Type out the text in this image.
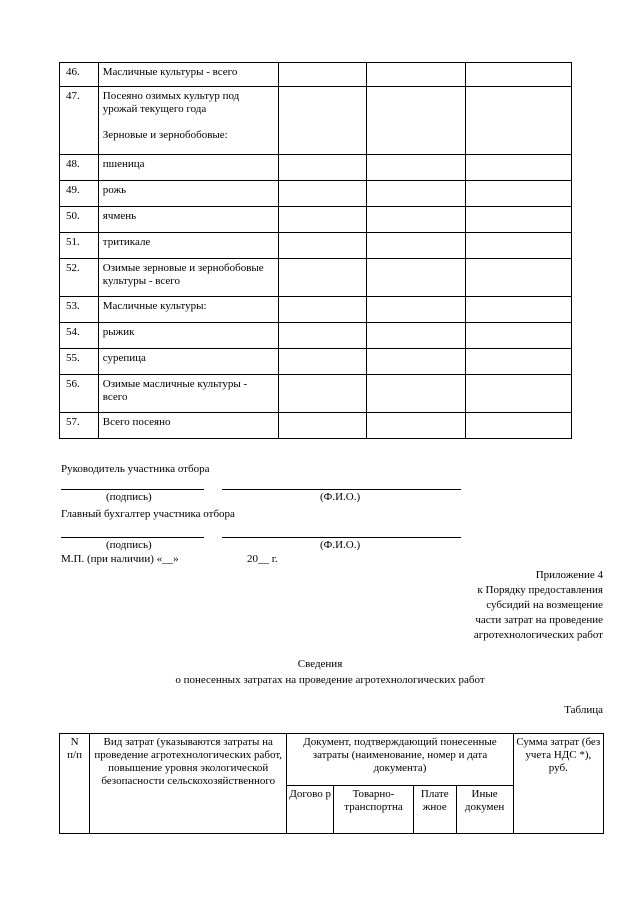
46.	Масличные культуры - всего			
47.	Посеяно озимых культур под урожай текущего года

Зерновые и зернобобовые:			
48.	пшеница			
49.	рожь			
50.	ячмень			
51.	тритикале			
52.	Озимые зерновые и зернобобовые культуры - всего			
53.	Масличные культуры:			
54.	рыжик			
55.	сурепица			
56.	Озимые масличные культуры - всего			
57.	Всего посеяно			
Руководитель участника отбора
(подпись)	(Ф.И.О.)
Главный бухгалтер участника отбора
(подпись)	(Ф.И.О.)
М.П. (при наличии) «__»	20__ г.
Приложение 4
к Порядку предоставления
субсидий на возмещение
части затрат на проведение
агротехнологических работ
Сведения
о понесенных затратах на проведение агротехнологических работ
Таблица
N
п/п	Вид затрат (указываются затраты на проведение агротехнологических работ, повышение уровня экологической безопасности сельскохозяйственного	Документ, подтверждающий понесенные затраты (наименование, номер и дата документа)				Сумма затрат (без учета НДС *), руб.
		Догово р	Товарно-транспортна	Плате жное	Иные докумен	
